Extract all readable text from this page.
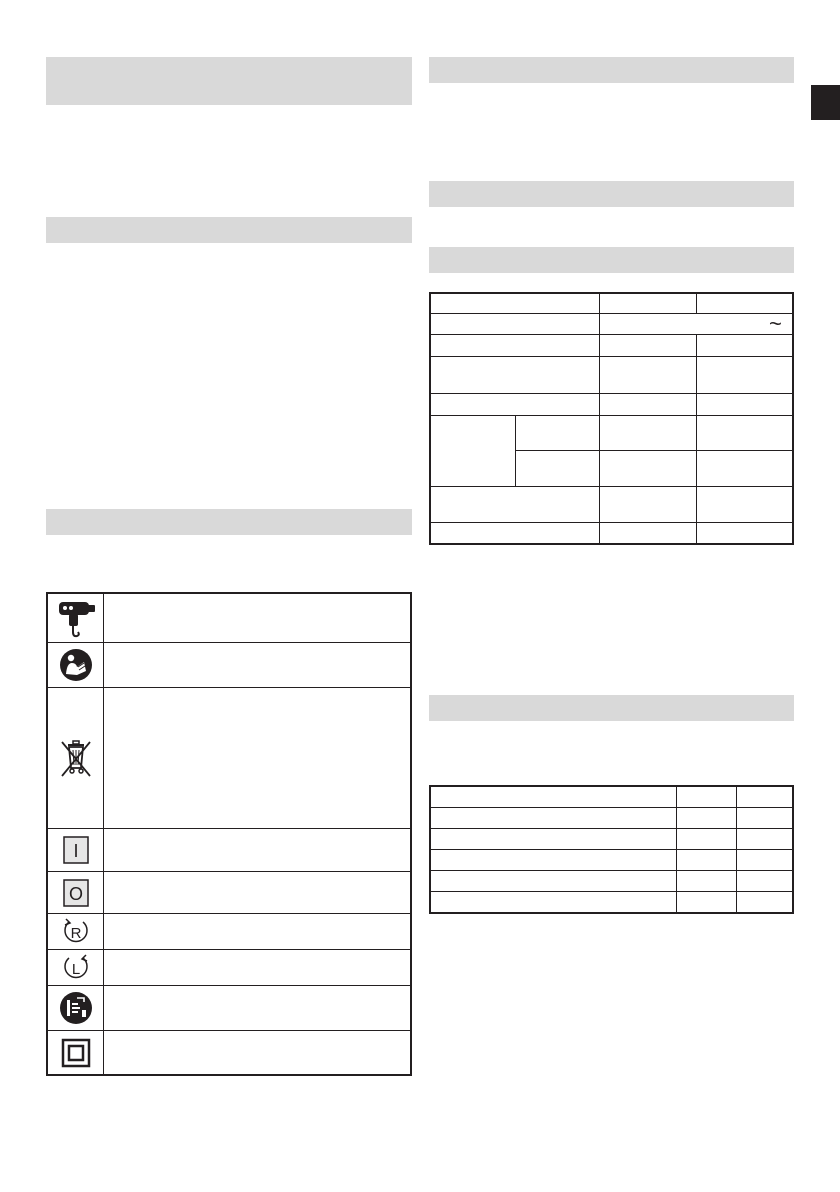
I
O
R
L
~
